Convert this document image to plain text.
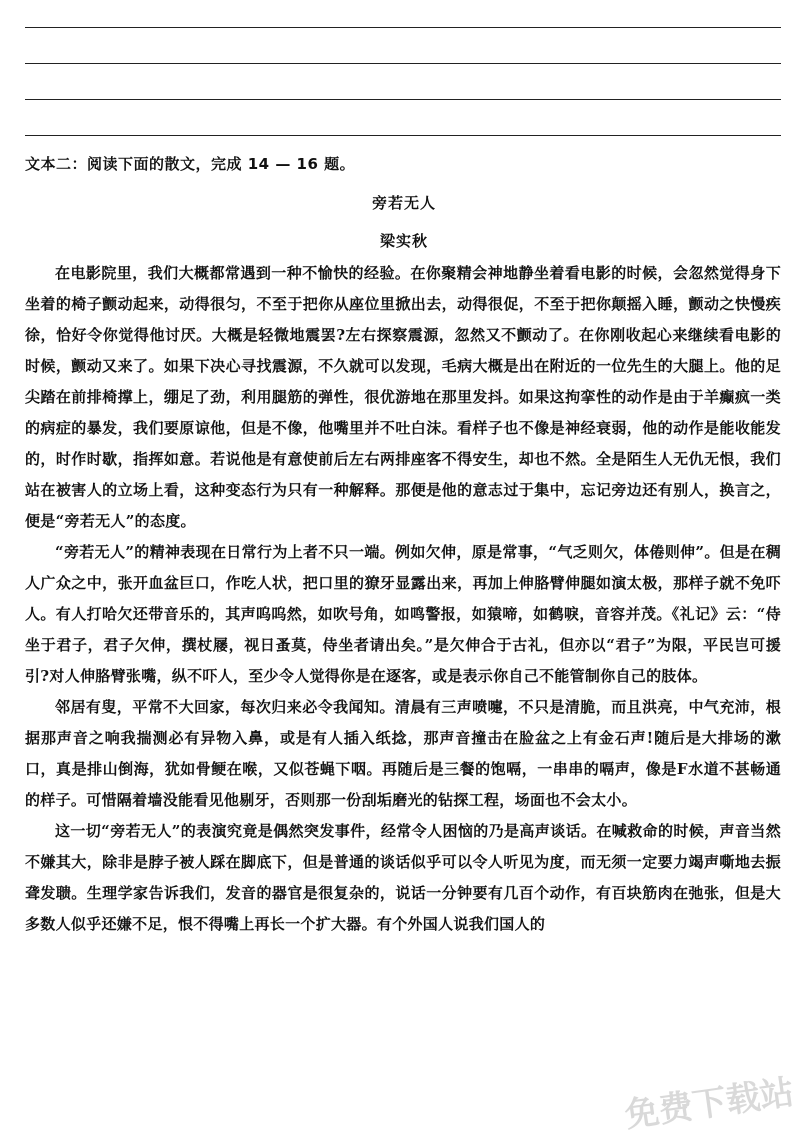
文本二：阅读下面的散文，完成 14 — 16 题。
旁若无人
梁实秋

在电影院里，我们大概都常遇到一种不愉快的经验。在你聚精会神地静坐着看电影的时候，会忽然觉得身下坐着的椅子颤动起来，动得很匀，不至于把你从座位里掀出去，动得很促，不至于把你颠摇入睡，颤动之快慢疾徐，恰好令你觉得他讨厌。大概是轻微地震罢?左右探察震源，忽然又不颤动了。在你刚收起心来继续看电影的时候，颤动又来了。如果下决心寻找震源，不久就可以发现，毛病大概是出在附近的一位先生的大腿上。他的足尖踏在前排椅撑上，绷足了劲，利用腿筋的弹性，很优游地在那里发抖。如果这拘挛性的动作是由于羊癫疯一类的病症的暴发，我们要原谅他，但是不像，他嘴里并不吐白沫。看样子也不像是神经衰弱，他的动作是能收能发的，时作时歇，指挥如意。若说他是有意使前后左右两排座客不得安生，却也不然。全是陌生人无仇无恨，我们站在被害人的立场上看，这种变态行为只有一种解释。那便是他的意志过于集中，忘记旁边还有别人，换言之，便是“旁若无人”的态度。

“旁若无人”的精神表现在日常行为上者不只一端。例如欠伸，原是常事，“气乏则欠，体倦则伸”。但是在稠人广众之中，张开血盆巨口，作吃人状，把口里的獠牙显露出来，再加上伸胳臂伸腿如演太极，那样子就不免吓人。有人打哈欠还带音乐的，其声呜呜然，如吹号角，如鸣警报，如猿啼，如鹤唳，音容并茂。《礼记》云：“侍坐于君子，君子欠伸，撰杖屦，视日蚤莫，侍坐者请出矣。”是欠伸合于古礼，但亦以“君子”为限，平民岂可援引?对人伸胳臂张嘴，纵不吓人，至少令人觉得你是在逐客，或是表示你自己不能管制你自己的肢体。

邻居有叟，平常不大回家，每次归来必令我闻知。清晨有三声喷嚏，不只是清脆，而且洪亮，中气充沛，根据那声音之响我揣测必有异物入鼻，或是有人插入纸捻，那声音撞击在脸盆之上有金石声!随后是大排场的漱口，真是排山倒海，犹如骨鲠在喉，又似苍蝇下咽。再随后是三餐的饱嗝，一串串的嗝声，像是F水道不甚畅通的样子。可惜隔着墙没能看见他剔牙，否则那一份刮垢磨光的钻探工程，场面也不会太小。

这一切“旁若无人”的表演究竟是偶然突发事件，经常令人困恼的乃是高声谈话。在喊救命的时候，声音当然不嫌其大，除非是脖子被人踩在脚底下，但是普通的谈话似乎可以令人听见为度，而无须一定要力竭声嘶地去振聋发聩。生理学家告诉我们，发音的器官是很复杂的，说话一分钟要有几百个动作，有百块筋肉在弛张，但是大多数人似乎还嫌不足，恨不得嘴上再长一个扩大器。有个外国人说我们国人的

免费下载站
